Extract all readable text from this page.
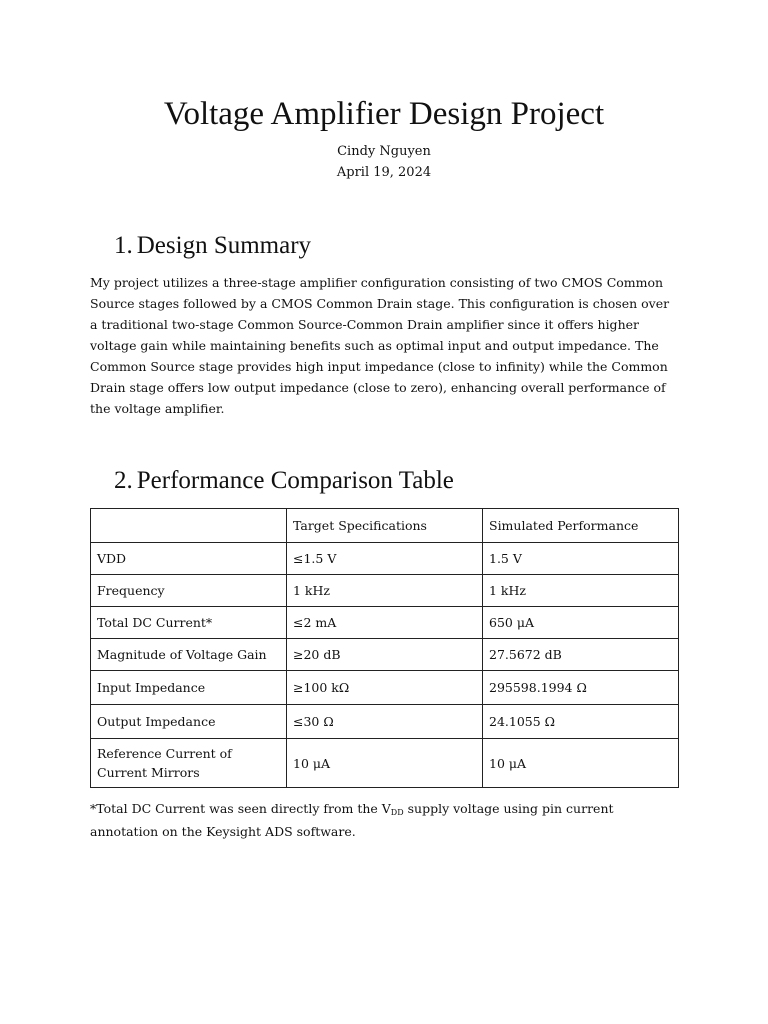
Voltage Amplifier Design Project
Cindy Nguyen
April 19, 2024
1. Design Summary

My project utilizes a three-stage amplifier configuration consisting of two CMOS Common Source stages followed by a CMOS Common Drain stage. This configuration is chosen over a traditional two-stage Common Source-Common Drain amplifier since it offers higher voltage gain while maintaining benefits such as optimal input and output impedance. The Common Source stage provides high input impedance (close to infinity) while the Common Drain stage offers low output impedance (close to zero), enhancing overall performance of the voltage amplifier.

2. Performance Comparison Table
	Target Specifications	Simulated Performance
VDD	≤1.5 V	1.5 V
Frequency	1 kHz	1 kHz
Total DC Current*	≤2 mA	650 μA
Magnitude of Voltage Gain	≥20 dB	27.5672 dB
Input Impedance	≥100 kΩ	295598.1994 Ω
Output Impedance	≤30 Ω	24.1055 Ω
Reference Current of Current Mirrors	10 μA	10 μA

*Total DC Current was seen directly from the $V_{DD}$ supply voltage using pin current annotation on the Keysight ADS software.
